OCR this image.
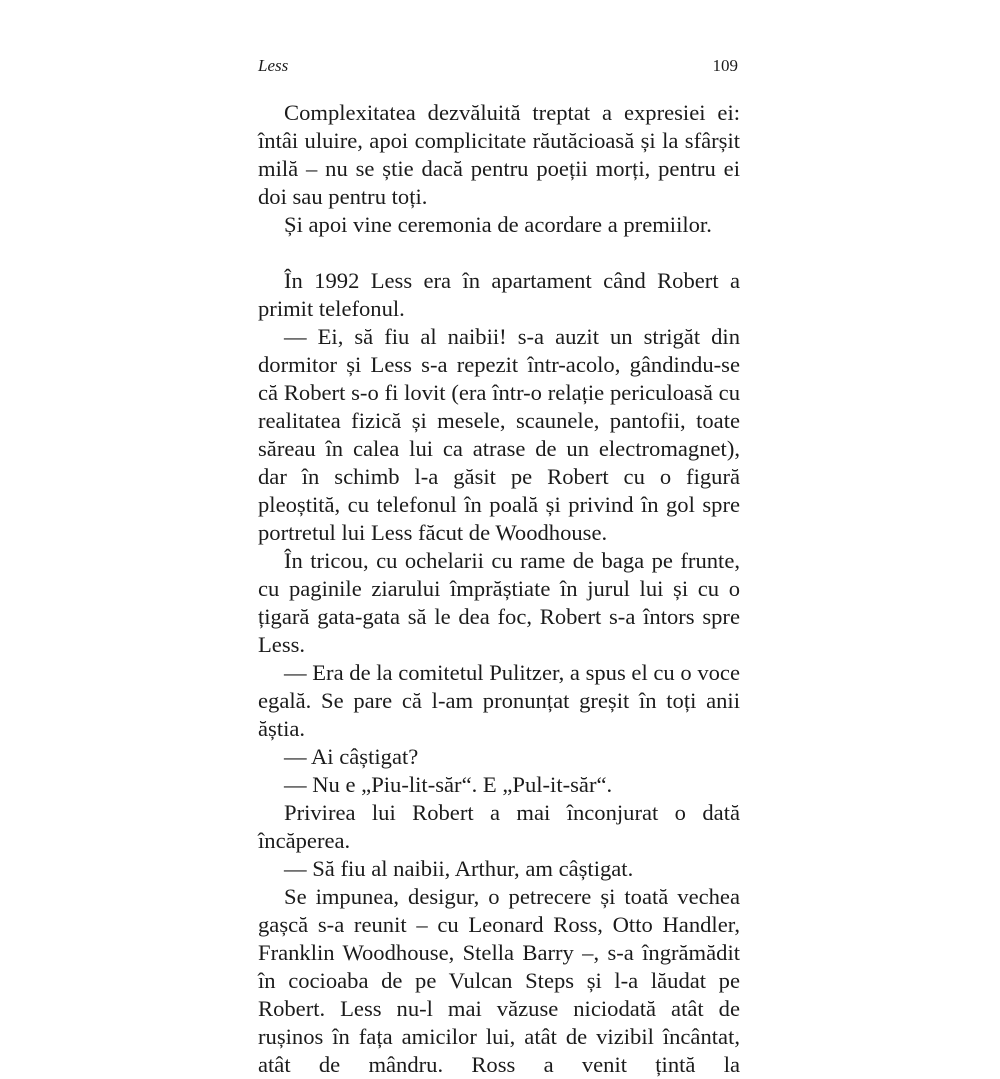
Less	109

Complexitatea dezvăluită treptat a expresiei ei: întâi uluire, apoi complicitate răutăcioasă și la sfârșit milă – nu se știe dacă pentru poeții morți, pentru ei doi sau pentru toți.

Și apoi vine ceremonia de acordare a premiilor.

În 1992 Less era în apartament când Robert a primit telefonul.

— Ei, să fiu al naibii! s-a auzit un strigăt din dormitor și Less s-a repezit într-acolo, gândindu-se că Robert s-o fi lovit (era într-o relație periculoasă cu realitatea fizică și mesele, scaunele, pantofii, toate săreau în calea lui ca atrase de un electromagnet), dar în schimb l-a găsit pe Robert cu o figură pleoștită, cu telefonul în poală și privind în gol spre portretul lui Less făcut de Woodhouse.

În tricou, cu ochelarii cu rame de baga pe frunte, cu paginile ziarului împrăștiate în jurul lui și cu o țigară gata-gata să le dea foc, Robert s-a întors spre Less.

— Era de la comitetul Pulitzer, a spus el cu o voce egală. Se pare că l-am pronunțat greșit în toți anii ăștia.

— Ai câștigat?

— Nu e „Piu-lit-săr“. E „Pul-it-săr“.

Privirea lui Robert a mai înconjurat o dată încăperea.

— Să fiu al naibii, Arthur, am câștigat.

Se impunea, desigur, o petrecere și toată vechea gașcă s-a reunit – cu Leonard Ross, Otto Handler, Franklin Woodhouse, Stella Barry –, s-a îngrămădit în cocioaba de pe Vulcan Steps și l-a lăudat pe Robert. Less nu-l mai văzuse niciodată atât de rușinos în fața amicilor lui, atât de vizibil încântat, atât de mândru. Ross a venit țintă la
